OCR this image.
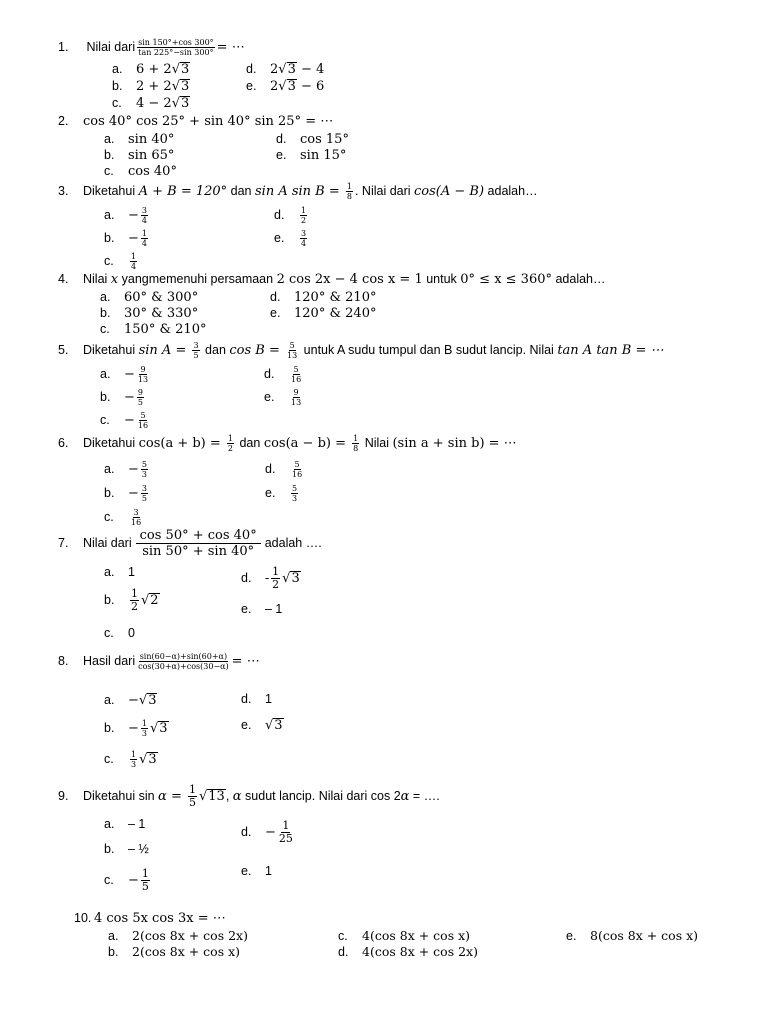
1. Nilai dari $\frac{\sin 150^\circ+\cos 300^\circ}{\tan 225^\circ-\sin 300^\circ}$ = ⋯
a. 6 + 2 √ 3
b. 2 + 2 √ 3
c. 4 − 2 √ 3
d. 2 √ 3 − 4
e. 2 √ 3 − 6
2. cos 40° cos 25° + sin 40° sin 25° = ⋯
a. sin 40°
b. sin 65°
c. cos 40°
d. cos 15°
e. sin 15°
3. Diketahui A + B = 120° dan sin A $\sin B = \frac{1}{8}$ . Nilai dari cos(A − B) adalah…
a. − $\frac{3}{4}$
b. − $\frac{1}{4}$
c. $\frac{1}{4}$
d. $\frac{1}{2}$
e. $\frac{3}{4}$
4. Nilai x yangmemenuhi persamaan 2 cos 2x − 4 cos x = 1 untuk 0° ≤ x ≤ 360° adalah…
a. 60° & 300°
b. 30° & 330°
c. 150° & 210°
d. 120° & 210°
e. 120° & 240°
5. Diketahui $\sin A = \frac{3}{5}$ dan $\cos B = \frac{5}{13}$ untuk A sudu tumpul dan B sudut lancip. Nilai tan A tan B = ⋯
a. − $\frac{9}{13}$
b. − $\frac{9}{5}$
c. − $\frac{5}{16}$
d. $\frac{5}{16}$
e. $\frac{9}{13}$
6. Diketahui $\cos(a + b) = \frac{1}{2}$ dan $\cos(a - b) = \frac{1}{8}$ Nilai (sin a + sin b) = ⋯
a. − $\frac{5}{3}$
b. − $\frac{3}{5}$
c. $\frac{3}{16}$
d. $\frac{5}{16}$
e. $\frac{5}{3}$
7. Nilai dari $\frac{\cos 50^\circ + \cos 40^\circ}{\sin 50^\circ + \sin 40^\circ}$ adalah ….
a. 1
b. $\frac{1}{2}$ √ 2
c. 0
d. - $\frac{1}{2}$ √ 3
e. – 1
8. Hasil dari $\frac{\sin(60-\alpha)+\sin(60+\alpha)}{\cos(30+\alpha)+\cos(30-\alpha)}$ = ⋯
a. − √ 3
b. − $\frac{1}{3}$ √ 3
c. $\frac{1}{3}$ √ 3
d. 1
e. √ 3
9. Diketahui $\sin \alpha = \frac{1}{5}$ √ 13 , α sudut lancip. Nilai dari cos 2α = ….
a. – 1
b. – ½
c. − $\frac{1}{5}$
d. − $\frac{1}{25}$
e. 1
10. 4 cos 5x cos 3x = ⋯
a. 2(cos 8x + cos 2x)
b. 2(cos 8x + cos x)
c. 4(cos 8x + cos x)
d. 4(cos 8x + cos 2x)
e. 8(cos 8x + cos x)
